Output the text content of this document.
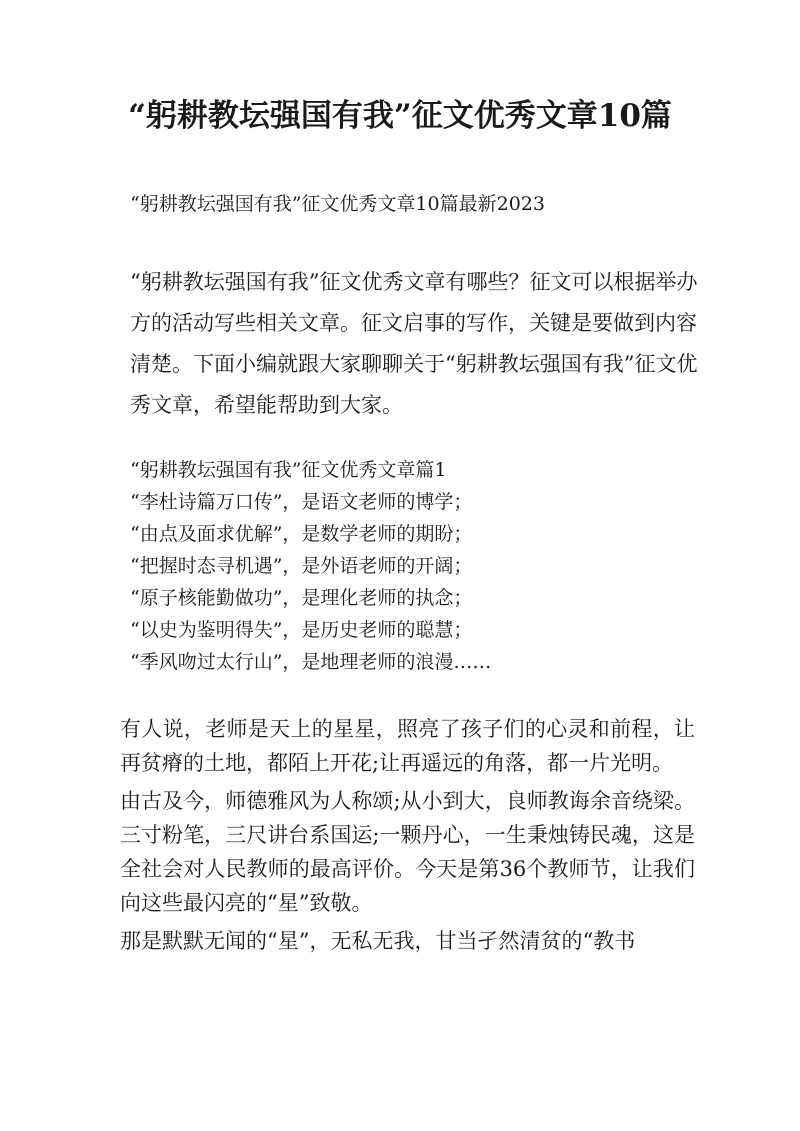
“躬耕教坛强国有我”征文优秀文章10篇

“躬耕教坛强国有我”征文优秀文章10篇最新2023

“躬耕教坛强国有我”征文优秀文章有哪些？征文可以根据举办方的活动写些相关文章。征文启事的写作，关键是要做到内容清楚。下面小编就跟大家聊聊关于“躬耕教坛强国有我”征文优秀文章，希望能帮助到大家。

“躬耕教坛强国有我”征文优秀文章篇1

“李杜诗篇万口传”，是语文老师的博学；
“由点及面求优解”，是数学老师的期盼；
“把握时态寻机遇”，是外语老师的开阔；
“原子核能勤做功”，是理化老师的执念；
“以史为鉴明得失”，是历史老师的聪慧；
“季风吻过太行山”，是地理老师的浪漫……

有人说，老师是天上的星星，照亮了孩子们的心灵和前程，让再贫瘠的土地，都陌上开花;让再遥远的角落，都一片光明。

由古及今，师德雅风为人称颂;从小到大，良师教诲余音绕梁。三寸粉笔，三尺讲台系国运;一颗丹心，一生秉烛铸民魂，这是全社会对人民教师的最高评价。今天是第36个教师节，让我们向这些最闪亮的“星”致敬。

那是默默无闻的“星”，无私无我，甘当孑然清贫的“教书
